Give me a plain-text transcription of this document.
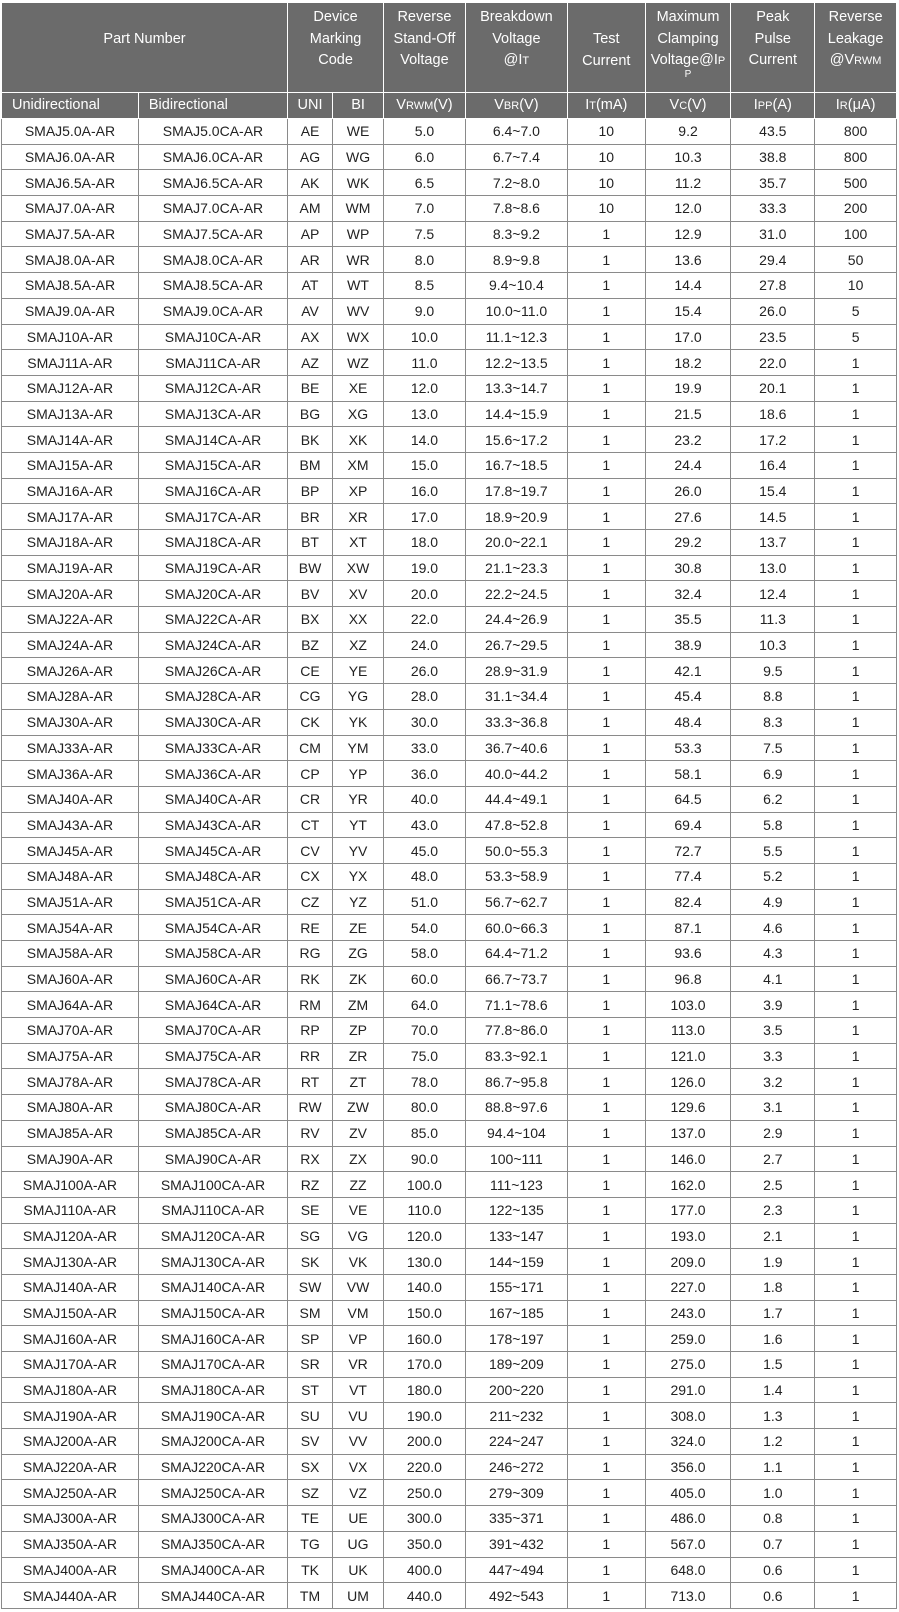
Part Number		Device
Marking
Code		Reverse
Stand-Off
Voltage	Breakdown
Voltage
@IT	Test
Current	Maximum
Clamping
Voltage@IP
P	Peak
Pulse
Current	Reverse
Leakage
@VRWM
Unidirectional	Bidirectional	UNI	BI	VRWM(V)	VBR(V)	IT(mA)	VC(V)	IPP(A)	IR(μA)
SMAJ5.0A-AR	SMAJ5.0CA-AR	AE	WE	5.0	6.4~7.0	10	9.2	43.5	800
SMAJ6.0A-AR	SMAJ6.0CA-AR	AG	WG	6.0	6.7~7.4	10	10.3	38.8	800
SMAJ6.5A-AR	SMAJ6.5CA-AR	AK	WK	6.5	7.2~8.0	10	11.2	35.7	500
SMAJ7.0A-AR	SMAJ7.0CA-AR	AM	WM	7.0	7.8~8.6	10	12.0	33.3	200
SMAJ7.5A-AR	SMAJ7.5CA-AR	AP	WP	7.5	8.3~9.2	1	12.9	31.0	100
SMAJ8.0A-AR	SMAJ8.0CA-AR	AR	WR	8.0	8.9~9.8	1	13.6	29.4	50
SMAJ8.5A-AR	SMAJ8.5CA-AR	AT	WT	8.5	9.4~10.4	1	14.4	27.8	10
SMAJ9.0A-AR	SMAJ9.0CA-AR	AV	WV	9.0	10.0~11.0	1	15.4	26.0	5
SMAJ10A-AR	SMAJ10CA-AR	AX	WX	10.0	11.1~12.3	1	17.0	23.5	5
SMAJ11A-AR	SMAJ11CA-AR	AZ	WZ	11.0	12.2~13.5	1	18.2	22.0	1
SMAJ12A-AR	SMAJ12CA-AR	BE	XE	12.0	13.3~14.7	1	19.9	20.1	1
SMAJ13A-AR	SMAJ13CA-AR	BG	XG	13.0	14.4~15.9	1	21.5	18.6	1
SMAJ14A-AR	SMAJ14CA-AR	BK	XK	14.0	15.6~17.2	1	23.2	17.2	1
SMAJ15A-AR	SMAJ15CA-AR	BM	XM	15.0	16.7~18.5	1	24.4	16.4	1
SMAJ16A-AR	SMAJ16CA-AR	BP	XP	16.0	17.8~19.7	1	26.0	15.4	1
SMAJ17A-AR	SMAJ17CA-AR	BR	XR	17.0	18.9~20.9	1	27.6	14.5	1
SMAJ18A-AR	SMAJ18CA-AR	BT	XT	18.0	20.0~22.1	1	29.2	13.7	1
SMAJ19A-AR	SMAJ19CA-AR	BW	XW	19.0	21.1~23.3	1	30.8	13.0	1
SMAJ20A-AR	SMAJ20CA-AR	BV	XV	20.0	22.2~24.5	1	32.4	12.4	1
SMAJ22A-AR	SMAJ22CA-AR	BX	XX	22.0	24.4~26.9	1	35.5	11.3	1
SMAJ24A-AR	SMAJ24CA-AR	BZ	XZ	24.0	26.7~29.5	1	38.9	10.3	1
SMAJ26A-AR	SMAJ26CA-AR	CE	YE	26.0	28.9~31.9	1	42.1	9.5	1
SMAJ28A-AR	SMAJ28CA-AR	CG	YG	28.0	31.1~34.4	1	45.4	8.8	1
SMAJ30A-AR	SMAJ30CA-AR	CK	YK	30.0	33.3~36.8	1	48.4	8.3	1
SMAJ33A-AR	SMAJ33CA-AR	CM	YM	33.0	36.7~40.6	1	53.3	7.5	1
SMAJ36A-AR	SMAJ36CA-AR	CP	YP	36.0	40.0~44.2	1	58.1	6.9	1
SMAJ40A-AR	SMAJ40CA-AR	CR	YR	40.0	44.4~49.1	1	64.5	6.2	1
SMAJ43A-AR	SMAJ43CA-AR	CT	YT	43.0	47.8~52.8	1	69.4	5.8	1
SMAJ45A-AR	SMAJ45CA-AR	CV	YV	45.0	50.0~55.3	1	72.7	5.5	1
SMAJ48A-AR	SMAJ48CA-AR	CX	YX	48.0	53.3~58.9	1	77.4	5.2	1
SMAJ51A-AR	SMAJ51CA-AR	CZ	YZ	51.0	56.7~62.7	1	82.4	4.9	1
SMAJ54A-AR	SMAJ54CA-AR	RE	ZE	54.0	60.0~66.3	1	87.1	4.6	1
SMAJ58A-AR	SMAJ58CA-AR	RG	ZG	58.0	64.4~71.2	1	93.6	4.3	1
SMAJ60A-AR	SMAJ60CA-AR	RK	ZK	60.0	66.7~73.7	1	96.8	4.1	1
SMAJ64A-AR	SMAJ64CA-AR	RM	ZM	64.0	71.1~78.6	1	103.0	3.9	1
SMAJ70A-AR	SMAJ70CA-AR	RP	ZP	70.0	77.8~86.0	1	113.0	3.5	1
SMAJ75A-AR	SMAJ75CA-AR	RR	ZR	75.0	83.3~92.1	1	121.0	3.3	1
SMAJ78A-AR	SMAJ78CA-AR	RT	ZT	78.0	86.7~95.8	1	126.0	3.2	1
SMAJ80A-AR	SMAJ80CA-AR	RW	ZW	80.0	88.8~97.6	1	129.6	3.1	1
SMAJ85A-AR	SMAJ85CA-AR	RV	ZV	85.0	94.4~104	1	137.0	2.9	1
SMAJ90A-AR	SMAJ90CA-AR	RX	ZX	90.0	100~111	1	146.0	2.7	1
SMAJ100A-AR	SMAJ100CA-AR	RZ	ZZ	100.0	111~123	1	162.0	2.5	1
SMAJ110A-AR	SMAJ110CA-AR	SE	VE	110.0	122~135	1	177.0	2.3	1
SMAJ120A-AR	SMAJ120CA-AR	SG	VG	120.0	133~147	1	193.0	2.1	1
SMAJ130A-AR	SMAJ130CA-AR	SK	VK	130.0	144~159	1	209.0	1.9	1
SMAJ140A-AR	SMAJ140CA-AR	SW	VW	140.0	155~171	1	227.0	1.8	1
SMAJ150A-AR	SMAJ150CA-AR	SM	VM	150.0	167~185	1	243.0	1.7	1
SMAJ160A-AR	SMAJ160CA-AR	SP	VP	160.0	178~197	1	259.0	1.6	1
SMAJ170A-AR	SMAJ170CA-AR	SR	VR	170.0	189~209	1	275.0	1.5	1
SMAJ180A-AR	SMAJ180CA-AR	ST	VT	180.0	200~220	1	291.0	1.4	1
SMAJ190A-AR	SMAJ190CA-AR	SU	VU	190.0	211~232	1	308.0	1.3	1
SMAJ200A-AR	SMAJ200CA-AR	SV	VV	200.0	224~247	1	324.0	1.2	1
SMAJ220A-AR	SMAJ220CA-AR	SX	VX	220.0	246~272	1	356.0	1.1	1
SMAJ250A-AR	SMAJ250CA-AR	SZ	VZ	250.0	279~309	1	405.0	1.0	1
SMAJ300A-AR	SMAJ300CA-AR	TE	UE	300.0	335~371	1	486.0	0.8	1
SMAJ350A-AR	SMAJ350CA-AR	TG	UG	350.0	391~432	1	567.0	0.7	1
SMAJ400A-AR	SMAJ400CA-AR	TK	UK	400.0	447~494	1	648.0	0.6	1
SMAJ440A-AR	SMAJ440CA-AR	TM	UM	440.0	492~543	1	713.0	0.6	1
